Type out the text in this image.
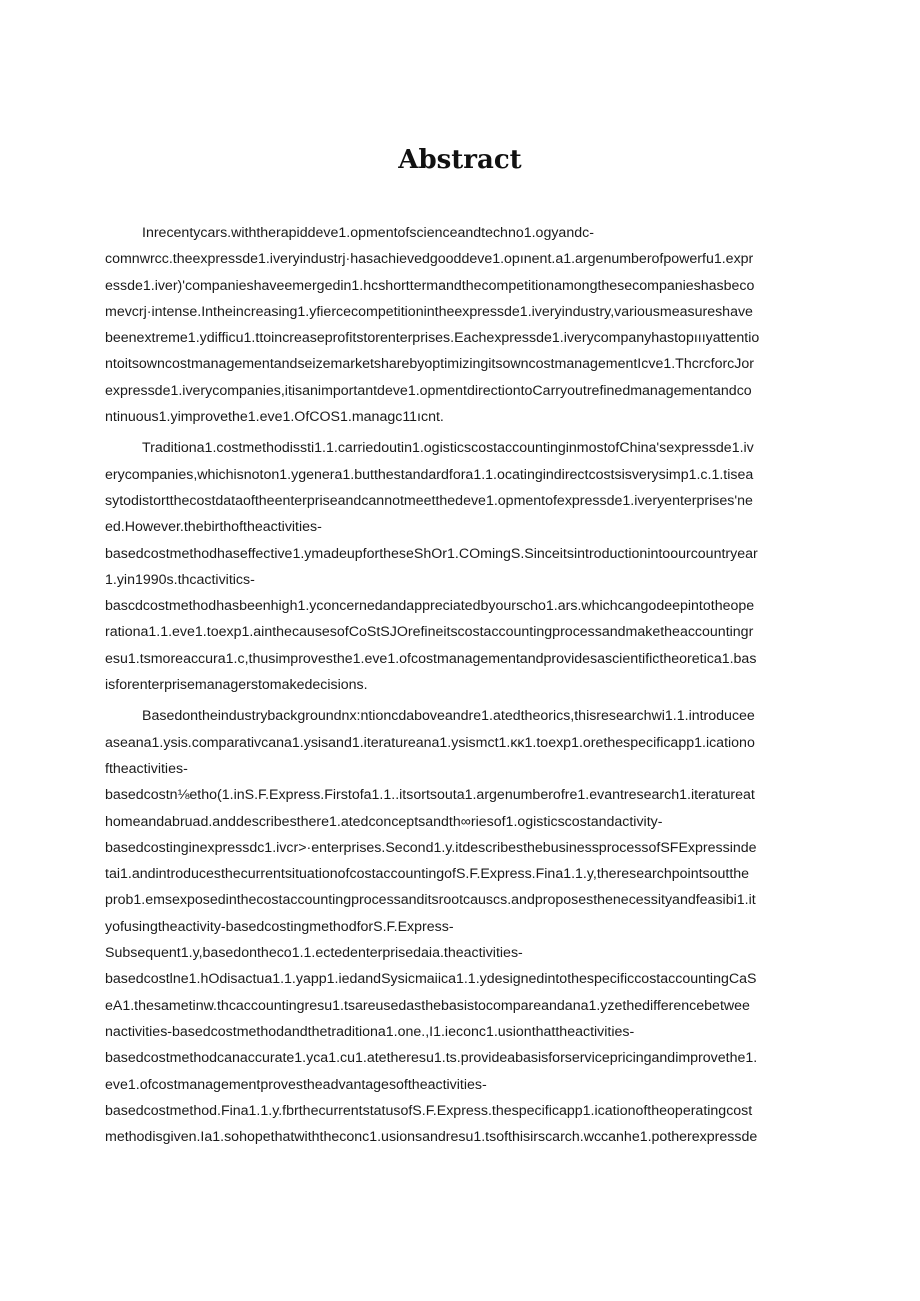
Abstract
Inrecentycars.withtherapiddeve1.opmentofscienceandtechno1.ogyandc-
comnwrcc.theexpressde1.iveryindustrj·hasachievedgooddeve1.opınent.a1.argenumberofpowerfu1.expr
essde1.iver)'companieshaveemergedin1.hcshorttermandthecompetitionamongthesecompanieshasbeco
mevcrj·intense.Intheincreasing1.yfiercecompetitionintheexpressde1.iveryindustry,variousmeasureshave
beenextreme1.ydifficu1.ttoincreaseprofitstorenterprises.Eachexpressde1.iverycompanyhastopıııyattentio
ntoitsowncostmanagementandseizemarketsharebyoptimizingitsowncostmanagementIcve1.ThcrcforcJor
expressde1.iverycompanies,itisanimportantdeve1.opmentdirectiontoCarryoutrefinedmanagementandco
ntinuous1.yimprovethe1.eve1.OfCOS1.managc11ıcnt.
Traditiona1.costmethodissti1.1.carriedoutin1.ogisticscostaccountinginmostofChina'sexpressde1.iv
erycompanies,whichisnoton1.ygenera1.butthestandardfora1.1.ocatingindirectcostsisverysimp1.c.1.tisea
sytodistortthecostdataoftheenterpriseandcannotmeetthedeve1.opmentofexpressde1.iveryenterprises'ne
ed.However.thebirthoftheactivities-
basedcostmethodhaseffective1.ymadeupfortheseShOr1.COmingS.Sinceitsintroductionintoourcountryear
1.yin1990s.thcactivitics-
bascdcostmethodhasbeenhigh1.yconcernedandappreciatedbyourscho1.ars.whichcangodeepintotheope
rationa1.1.eve1.toexp1.ainthecausesofCoStSJOrefineitscostaccountingprocessandmaketheaccountingr
esu1.tsmoreaccura1.c,thusimprovesthe1.eve1.ofcostmanagementandprovidesascientifictheoretica1.bas
isforenterprisemanagerstomakedecisions.
Basedontheindustrybackgroundnx:ntioncdaboveandre1.atedtheorics,thisresearchwi1.1.introducee
aseana1.ysis.comparativcana1.ysisand1.iteratureana1.ysismct1.κκ1.toexp1.orethespecificapp1.icationo
ftheactivities-
basedcostn⅛etho(1.inS.F.Express.Firstofa1.1..itsortsouta1.argenumberofre1.evantresearch1.iteratureat
homeandabruad.anddescribesthere1.atedconceptsandth∞riesof1.ogisticscostandactivity-
basedcostinginexpressdc1.ivcr>·enterprises.Second1.y.itdescribesthebusinessprocessofSFExpressinde
tai1.andintroducesthecurrentsituationofcostaccountingofS.F.Express.Fina1.1.y,theresearchpointsoutthe
prob1.emsexposedinthecostaccountingprocessanditsrootcauscs.andproposesthenecessityandfeasibi1.it
yofusingtheactivity-basedcostingmethodforS.F.Express-
Subsequent1.y,basedontheco1.1.ectedenterprisedaia.theactivities-
basedcostlne1.hOdisactua1.1.yapp1.iedandSysicmaiica1.1.ydesignedintothespecificcostaccountingCaS
eA1.thesametinw.thcaccountingresu1.tsareusedasthebasistocompareandana1.yzethedifferencebetwee
nactivities-basedcostmethodandthetraditiona1.one.,I1.ieconc1.usionthattheactivities-
basedcostmethodcanaccurate1.yca1.cu1.atetheresu1.ts.provideabasisforservicepricingandimprovethe1.
eve1.ofcostmanagementprovestheadvantagesoftheactivities-
basedcostmethod.Fina1.1.y.fbrthecurrentstatusofS.F.Express.thespecificapp1.icationoftheoperatingcost
methodisgiven.Ia1.sohopethatwiththeconc1.usionsandresu1.tsofthisirscarch.wccanhe1.potherexpressde
